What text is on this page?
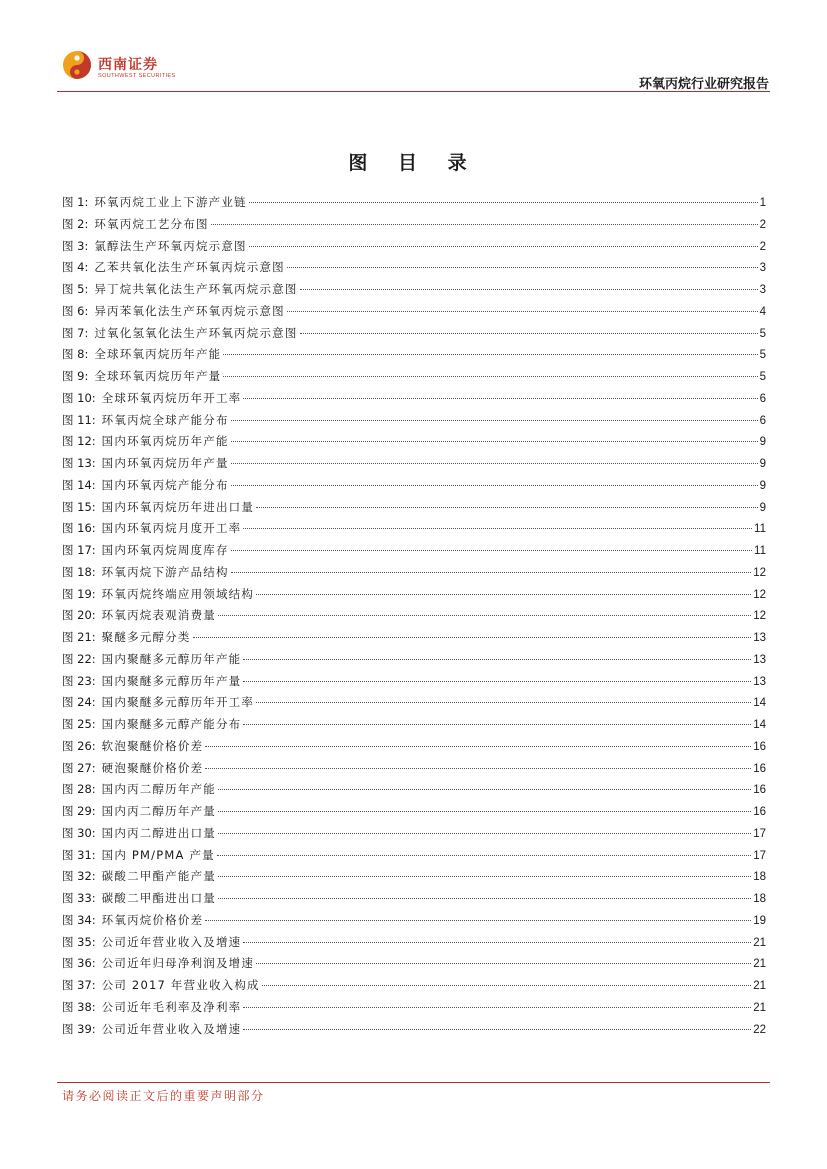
西南证券
SOUTHWEST SECURITIES
环氧丙烷行业研究报告
图 目 录
图 1: 环氧丙烷工业上下游产业链	1
图 2: 环氧丙烷工艺分布图	2
图 3: 氯醇法生产环氧丙烷示意图	2
图 4: 乙苯共氧化法生产环氧丙烷示意图	3
图 5: 异丁烷共氧化法生产环氧丙烷示意图	3
图 6: 异丙苯氧化法生产环氧丙烷示意图	4
图 7: 过氧化氢氧化法生产环氧丙烷示意图	5
图 8: 全球环氧丙烷历年产能	5
图 9: 全球环氧丙烷历年产量	5
图 10: 全球环氧丙烷历年开工率	6
图 11: 环氧丙烷全球产能分布	6
图 12: 国内环氧丙烷历年产能	9
图 13: 国内环氧丙烷历年产量	9
图 14: 国内环氧丙烷产能分布	9
图 15: 国内环氧丙烷历年进出口量	9
图 16: 国内环氧丙烷月度开工率	11
图 17: 国内环氧丙烷周度库存	11
图 18: 环氧丙烷下游产品结构	12
图 19: 环氧丙烷终端应用领域结构	12
图 20: 环氧丙烷表观消费量	12
图 21: 聚醚多元醇分类	13
图 22: 国内聚醚多元醇历年产能	13
图 23: 国内聚醚多元醇历年产量	13
图 24: 国内聚醚多元醇历年开工率	14
图 25: 国内聚醚多元醇产能分布	14
图 26: 软泡聚醚价格价差	16
图 27: 硬泡聚醚价格价差	16
图 28: 国内丙二醇历年产能	16
图 29: 国内丙二醇历年产量	16
图 30: 国内丙二醇进出口量	17
图 31: 国内 PM/PMA 产量	17
图 32: 碳酸二甲酯产能产量	18
图 33: 碳酸二甲酯进出口量	18
图 34: 环氧丙烷价格价差	19
图 35: 公司近年营业收入及增速	21
图 36: 公司近年归母净利润及增速	21
图 37: 公司 2017 年营业收入构成	21
图 38: 公司近年毛利率及净利率	21
图 39: 公司近年营业收入及增速	22
请务必阅读正文后的重要声明部分
